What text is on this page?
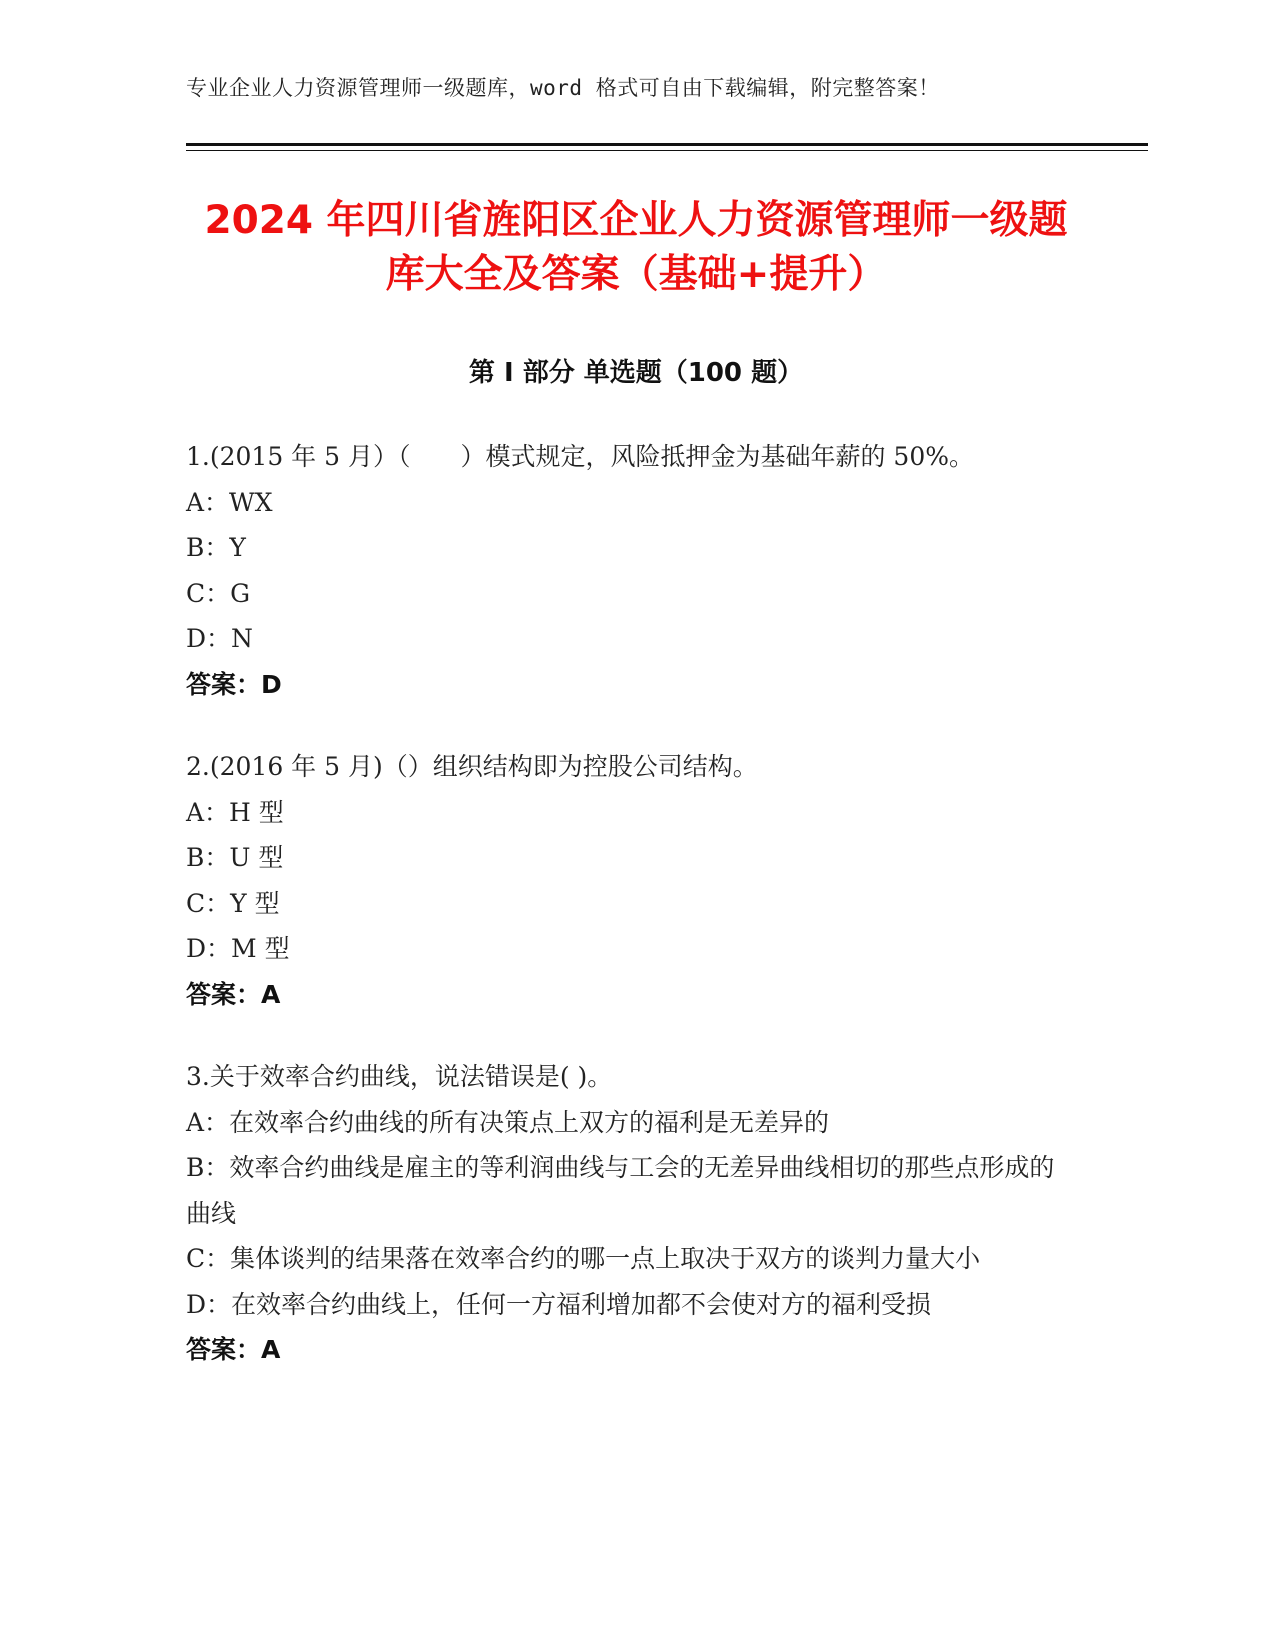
专业企业人力资源管理师一级题库，word 格式可自由下载编辑，附完整答案！
2024 年四川省旌阳区企业人力资源管理师一级题库大全及答案（基础+提升）
第 I 部分 单选题（100 题）

1.(2015 年 5 月）（　　）模式规定，风险抵押金为基础年薪的 50%。

A：WX

B：Y

C：G

D：N

答案：D

2.(2016 年 5 月)（）组织结构即为控股公司结构。

A：H 型

B：U 型

C：Y 型

D：M 型

答案：A

3.关于效率合约曲线，说法错误是( )。

A：在效率合约曲线的所有决策点上双方的福利是无差异的

B：效率合约曲线是雇主的等利润曲线与工会的无差异曲线相切的那些点形成的曲线

C：集体谈判的结果落在效率合约的哪一点上取决于双方的谈判力量大小

D：在效率合约曲线上，任何一方福利增加都不会使对方的福利受损

答案：A
